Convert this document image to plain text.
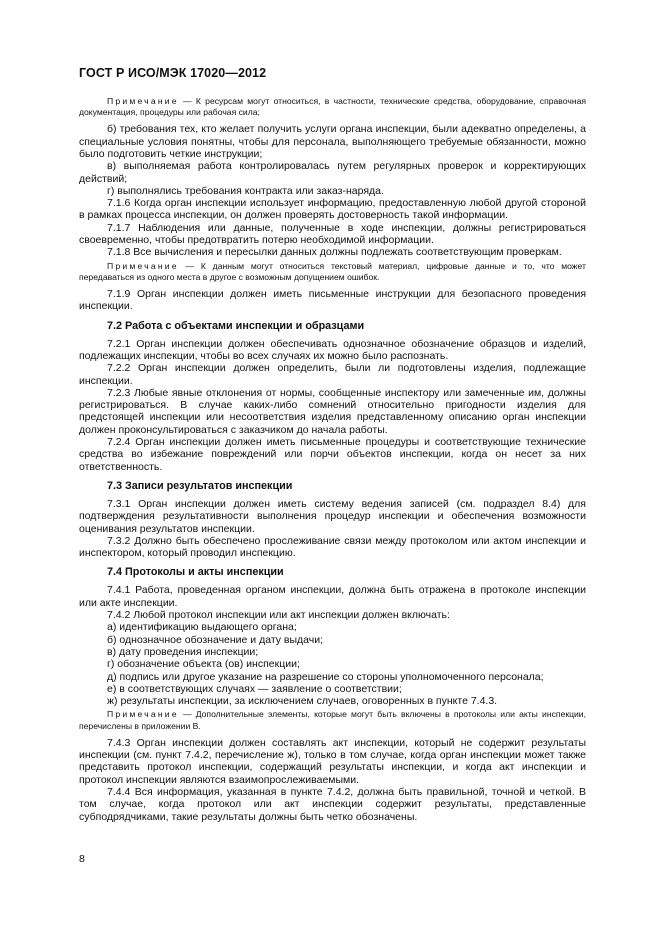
ГОСТ Р ИСО/МЭК 17020—2012

Примечание — К ресурсам могут относиться, в частности, технические средства, оборудование, справочная документация, процедуры или рабочая сила;

б) требования тех, кто желает получить услуги органа инспекции, были адекватно определены, а специальные условия понятны, чтобы для персонала, выполняющего требуемые обязанности, можно было подготовить четкие инструкции;

в) выполняемая работа контролировалась путем регулярных проверок и корректирующих действий;

г) выполнялись требования контракта или заказ-наряда.

7.1.6 Когда орган инспекции использует информацию, предоставленную любой другой стороной в рамках процесса инспекции, он должен проверять достоверность такой информации.

7.1.7 Наблюдения или данные, полученные в ходе инспекции, должны регистрироваться своевременно, чтобы предотвратить потерю необходимой информации.

7.1.8 Все вычисления и пересылки данных должны подлежать соответствующим проверкам.

Примечание — К данным могут относиться текстовый материал, цифровые данные и то, что может передаваться из одного места в другое с возможным допущением ошибок.

7.1.9 Орган инспекции должен иметь письменные инструкции для безопасного проведения инспекции.

7.2 Работа с объектами инспекции и образцами

7.2.1 Орган инспекции должен обеспечивать однозначное обозначение образцов и изделий, подлежащих инспекции, чтобы во всех случаях их можно было распознать.

7.2.2 Орган инспекции должен определить, были ли подготовлены изделия, подлежащие инспекции.

7.2.3 Любые явные отклонения от нормы, сообщенные инспектору или замеченные им, должны регистрироваться. В случае каких-либо сомнений относительно пригодности изделия для предстоящей инспекции или несоответствия изделия представленному описанию орган инспекции должен проконсультироваться с заказчиком до начала работы.

7.2.4 Орган инспекции должен иметь письменные процедуры и соответствующие технические средства во избежание повреждений или порчи объектов инспекции, когда он несет за них ответственность.

7.3 Записи результатов инспекции

7.3.1 Орган инспекции должен иметь систему ведения записей (см. подраздел 8.4) для подтверждения результативности выполнения процедур инспекции и обеспечения возможности оценивания результатов инспекции.

7.3.2 Должно быть обеспечено прослеживание связи между протоколом или актом инспекции и инспектором, который проводил инспекцию.

7.4 Протоколы и акты инспекции

7.4.1 Работа, проведенная органом инспекции, должна быть отражена в протоколе инспекции или акте инспекции.

7.4.2 Любой протокол инспекции или акт инспекции должен включать:

а) идентификацию выдающего органа;

б) однозначное обозначение и дату выдачи;

в) дату проведения инспекции;

г) обозначение объекта (ов) инспекции;

д) подпись или другое указание на разрешение со стороны уполномоченного персонала;

е) в соответствующих случаях — заявление о соответствии;

ж) результаты инспекции, за исключением случаев, оговоренных в пункте 7.4.3.

Примечание — Дополнительные элементы, которые могут быть включены в протоколы или акты инспекции, перечислены в приложении В.

7.4.3 Орган инспекции должен составлять акт инспекции, который не содержит результаты инспекции (см. пункт 7.4.2, перечисление ж), только в том случае, когда орган инспекции может также представить протокол инспекции, содержащий результаты инспекции, и когда акт инспекции и протокол инспекции являются взаимопрослеживаемыми.

7.4.4 Вся информация, указанная в пункте 7.4.2, должна быть правильной, точной и четкой. В том случае, когда протокол или акт инспекции содержит результаты, представленные субподрядчиками, такие результаты должны быть четко обозначены.

8
